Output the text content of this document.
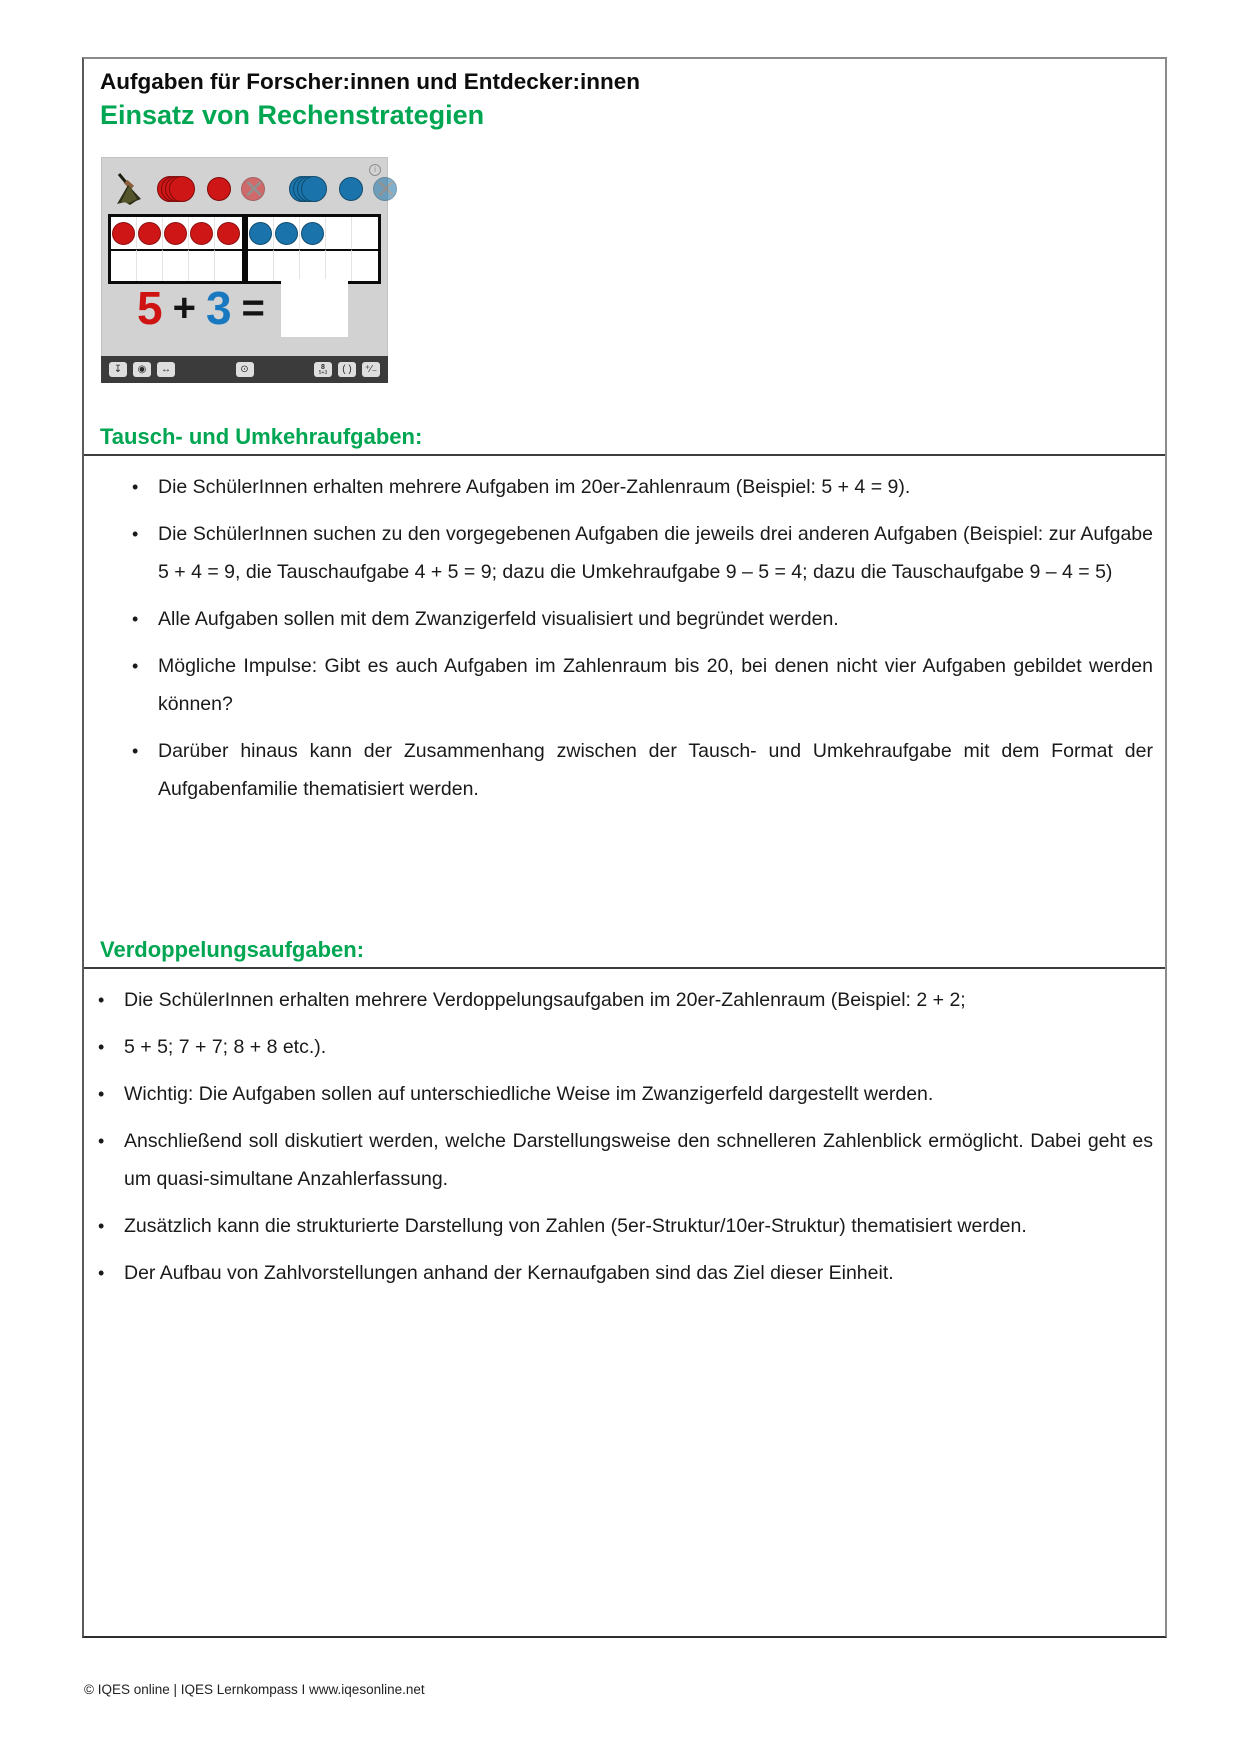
Aufgaben für Forscher:innen und Entdecker:innen
Einsatz von Rechenstrategien
i
✕	✕
5 + 3 =
↧	◉	↔	⊙	8
5+3	( )	⁺⁄₋
Tausch- und Umkehraufgaben:
• Die SchülerInnen erhalten mehrere Aufgaben im 20er-Zahlenraum (Beispiel: 5 + 4 = 9).
• Die SchülerInnen suchen zu den vorgegebenen Aufgaben die jeweils drei anderen Aufgaben (Beispiel: zur Aufgabe 5 + 4 = 9, die Tauschaufgabe 4 + 5 = 9; dazu die Umkehraufgabe 9 – 5 = 4; dazu die Tauschaufgabe 9 – 4 = 5)
• Alle Aufgaben sollen mit dem Zwanzigerfeld visualisiert und begründet werden.
• Mögliche Impulse: Gibt es auch Aufgaben im Zahlenraum bis 20, bei denen nicht vier Aufgaben gebildet werden können?
• Darüber hinaus kann der Zusammenhang zwischen der Tausch- und Umkehraufgabe mit dem Format der Aufgabenfamilie thematisiert werden.
Verdoppelungsaufgaben:
• Die SchülerInnen erhalten mehrere Verdoppelungsaufgaben im 20er-Zahlenraum (Beispiel: 2 + 2;
• 5 + 5; 7 + 7; 8 + 8 etc.).
• Wichtig: Die Aufgaben sollen auf unterschiedliche Weise im Zwanzigerfeld dargestellt werden.
• Anschließend soll diskutiert werden, welche Darstellungsweise den schnelleren Zahlenblick ermöglicht. Dabei geht es um quasi-simultane Anzahlerfassung.
• Zusätzlich kann die strukturierte Darstellung von Zahlen (5er-Struktur/10er-Struktur) thematisiert werden.
• Der Aufbau von Zahlvorstellungen anhand der Kernaufgaben sind das Ziel dieser Einheit.
© IQES online | IQES Lernkompass I www.iqesonline.net
